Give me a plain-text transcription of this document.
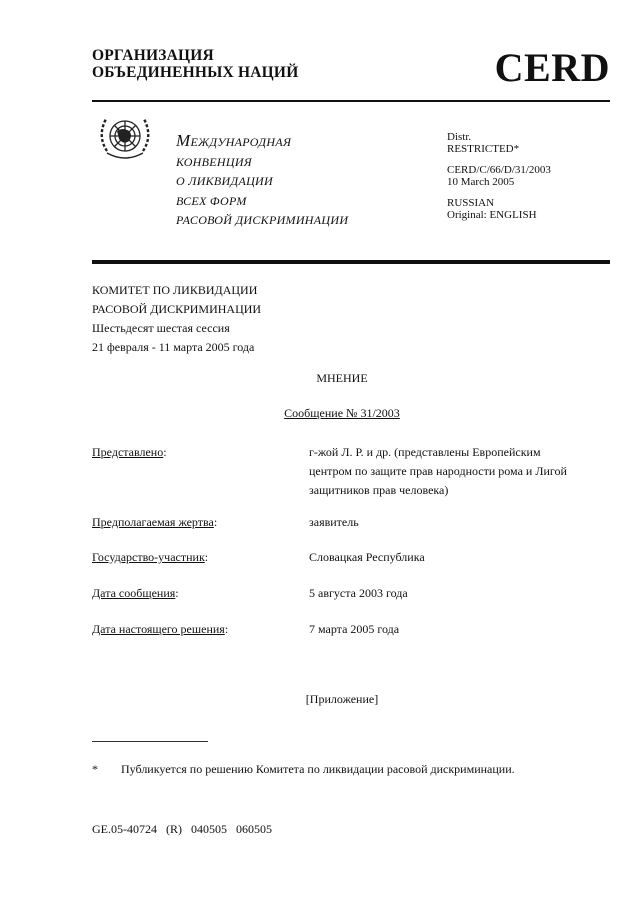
ОРГАНИЗАЦИЯ
ОБЪЕДИНЕННЫХ НАЦИЙ	CERD
МЕЖДУНАРОДНАЯ
КОНВЕНЦИЯ
О ЛИКВИДАЦИИ
ВСЕХ ФОРМ
РАСОВОЙ ДИСКРИМИНАЦИИ
Distr.
RESTRICTED*
CERD/C/66/D/31/2003
10 March 2005
RUSSIAN
Original: ENGLISH
КОМИТЕТ ПО ЛИКВИДАЦИИ
РАСОВОЙ ДИСКРИМИНАЦИИ
Шестьдесят шестая сессия
21 февраля - 11 марта 2005 года
МНЕНИЕ
Сообщение № 31/2003
Представлено:	г-жой Л. Р. и др. (представлены Европейским
центром по защите прав народности рома и Лигой
защитников прав человека)
Предполагаемая жертва:	заявитель
Государство-участник:	Словацкая Республика
Дата сообщения:	5 августа 2003 года
Дата настоящего решения:	7 марта 2005 года
[Приложение]
* Публикуется по решению Комитета по ликвидации расовой дискриминации.
GE.05-40724   (R)   040505   060505
